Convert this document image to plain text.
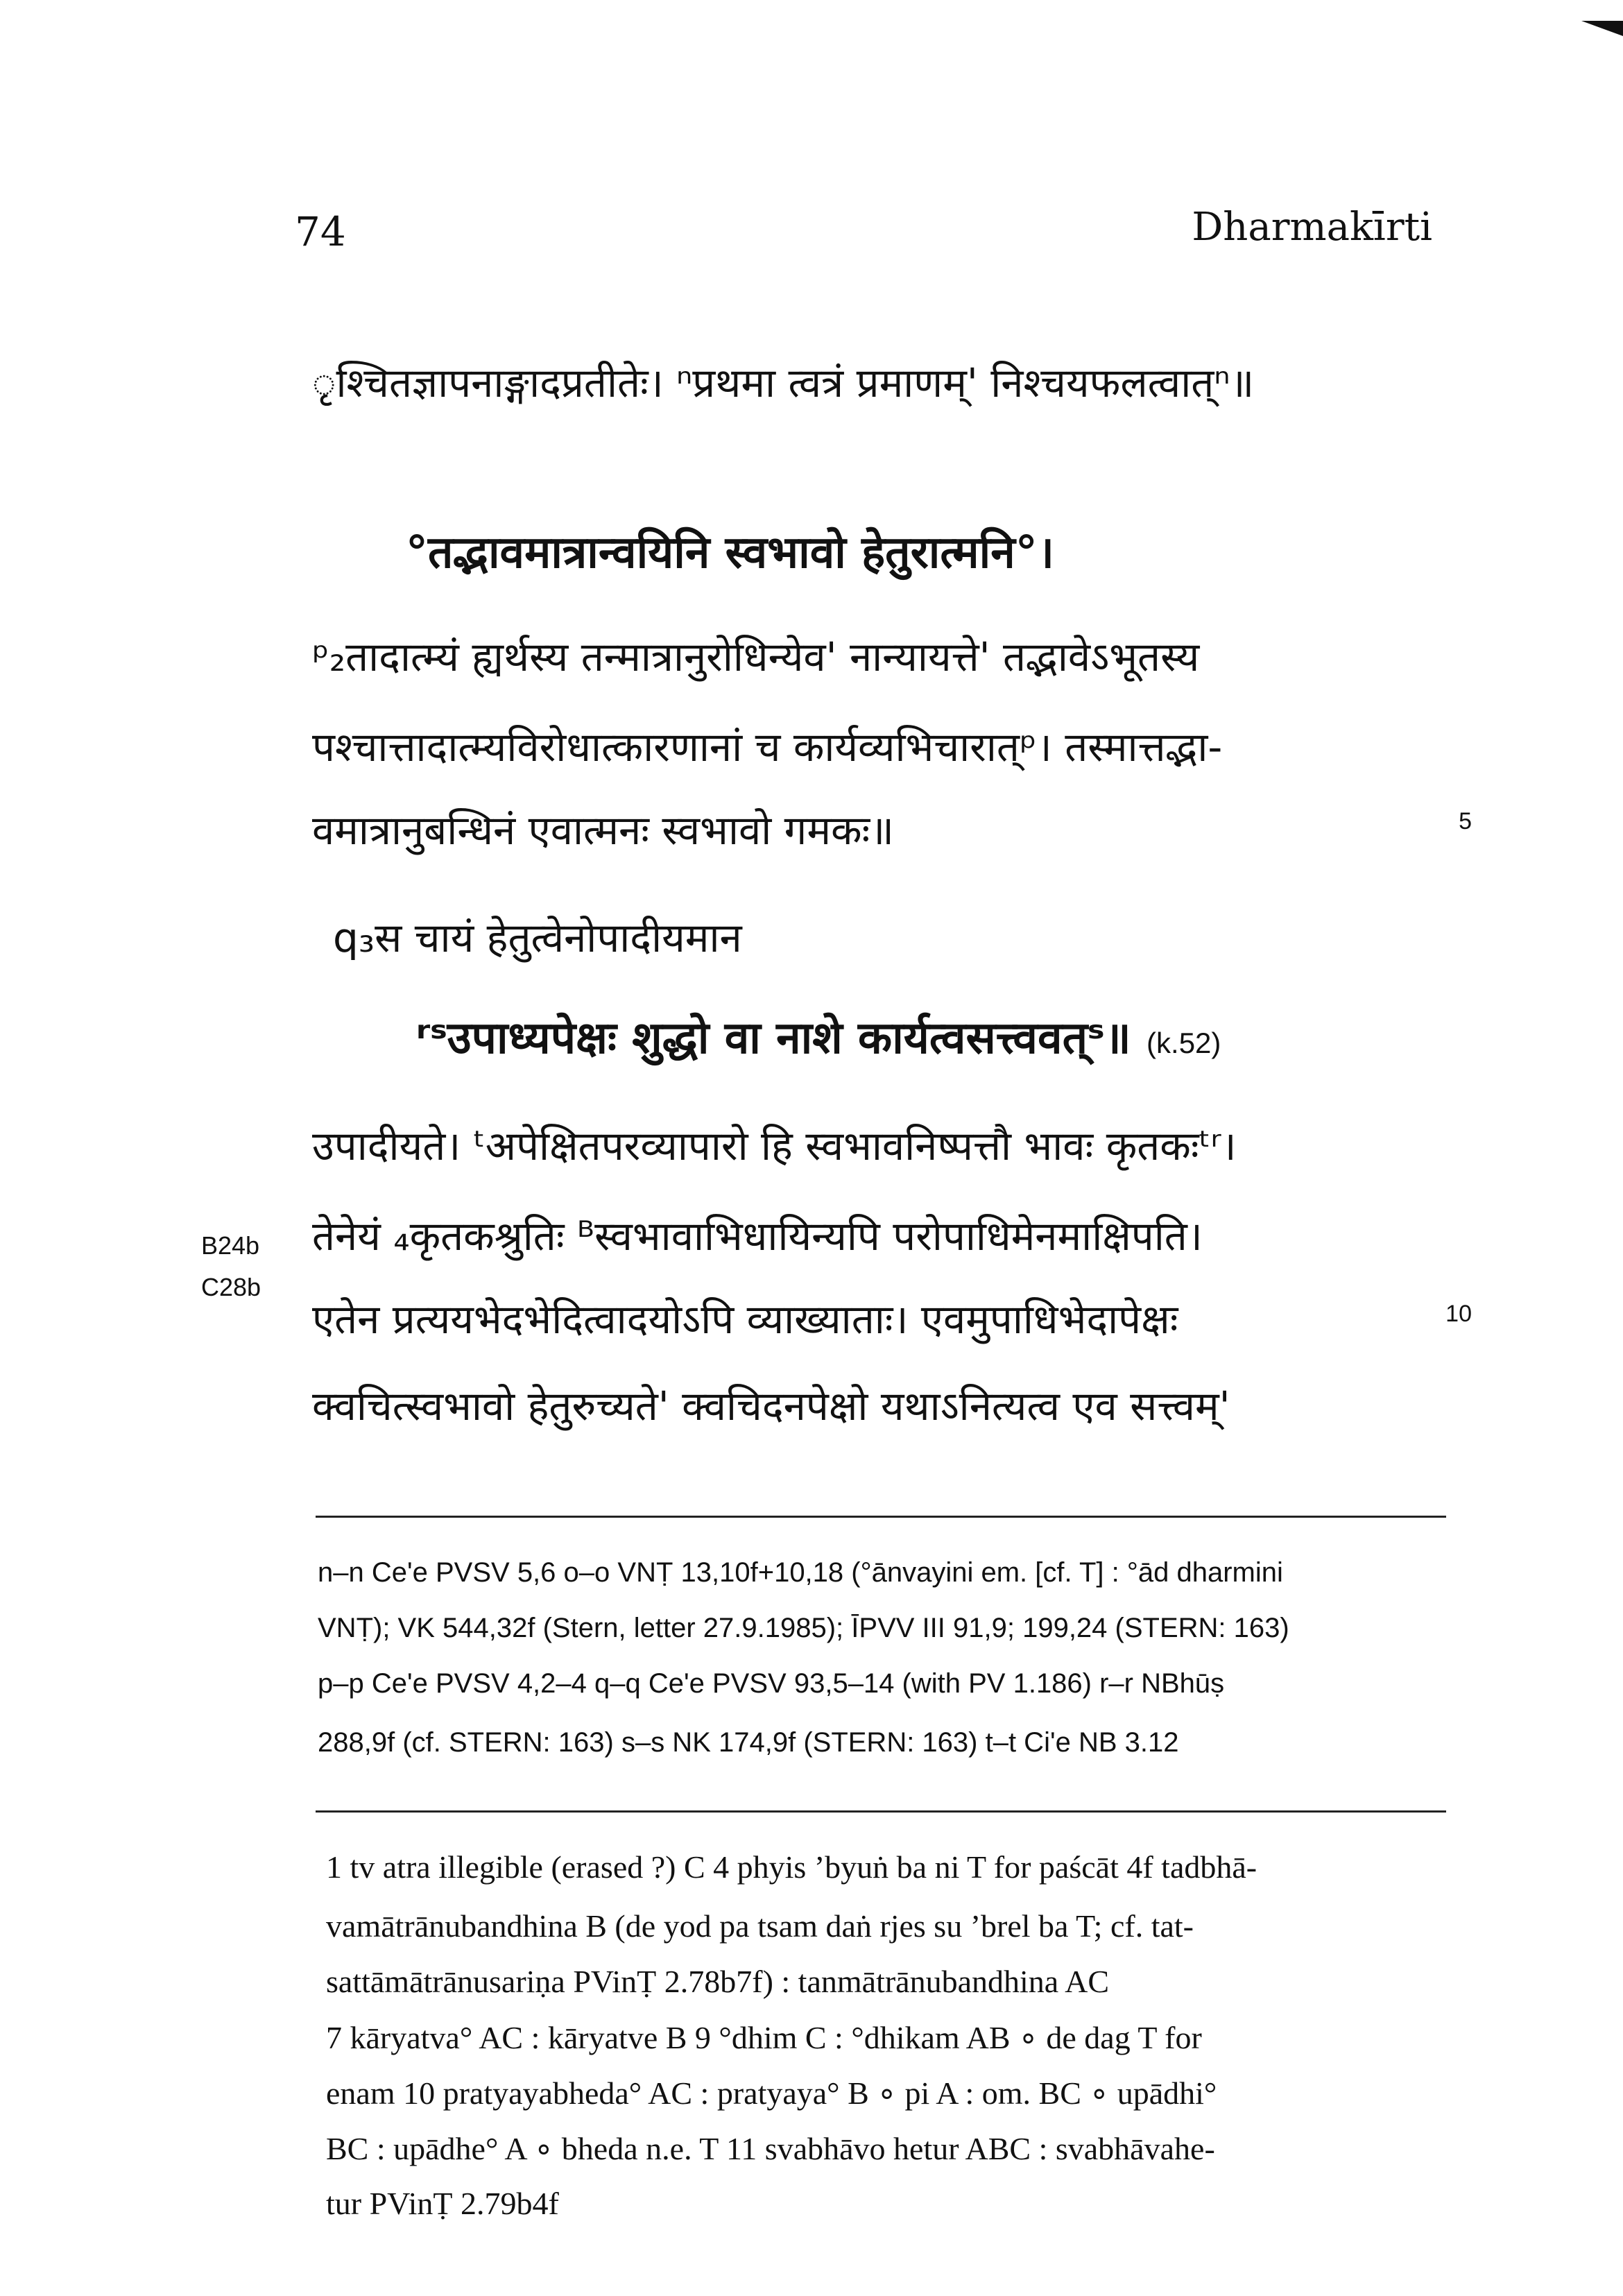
74	Dharmakīrti
ृश्चितज्ञापनाङ्गादप्रतीतेः। ⁿप्रथमा त्वत्रं प्रमाणम्' निश्चयफलत्वात्ⁿ॥
°तद्भावमात्रान्वयिनि स्वभावो हेतुरात्मनि°।
ᵖ₂तादात्म्यं ह्यर्थस्य तन्मात्रानुरोधिन्येव' नान्यायत्ते' तद्भावेऽभूतस्य
पश्चात्तादात्म्यविरोधात्कारणानां च कार्यव्यभिचारात्ᵖ। तस्मात्तद्भा-
वमात्रानुबन्धिनं एवात्मनः स्वभावो गमकः॥
q₃स चायं हेतुत्वेनोपादीयमान
ʳˢउपाध्यपेक्षः शुद्धो वा नाशे कार्यत्वसत्त्ववत्ˢ॥ (k.52)
उपादीयते। ᵗअपेक्षितपरव्यापारो हि स्वभावनिष्पत्तौ भावः कृतकःᵗʳ।
तेनेयं ₄कृतकश्रुतिः ᴮस्वभावाभिधायिन्यपि परोपाधिमेनमाक्षिपति।
एतेन प्रत्ययभेदभेदित्वादयोऽपि व्याख्याताः। एवमुपाधिभेदापेक्षः
क्वचित्स्वभावो हेतुरुच्यते' क्वचिदनपेक्षो यथाऽनित्यत्व एव सत्त्वम्'
B24b
C28b
5
10
n–n Ce'e PVSV 5,6 o–o VNṬ 13,10f+10,18 (°ānvayini em. [cf. T] : °ād dharmini
VNṬ); VK 544,32f (Stern, letter 27.9.1985); ĪPVV III 91,9; 199,24 (STERN: 163)
p–p Ce'e PVSV 4,2–4 q–q Ce'e PVSV 93,5–14 (with PV 1.186) r–r NBhūṣ
288,9f (cf. STERN: 163) s–s NK 174,9f (STERN: 163) t–t Ci'e NB 3.12
1 tv atra illegible (erased ?) C 4 phyis ’byuṅ ba ni T for paścāt 4f tadbhā-
vamātrānubandhina B (de yod pa tsam daṅ rjes su ’brel ba T; cf. tat-
sattāmātrānusariṇa PVinṬ 2.78b7f) : tanmātrānubandhina AC
7 kāryatva° AC : kāryatve B 9 °dhim C : °dhikam AB ∘ de dag T for
enam 10 pratyayabheda° AC : pratyaya° B ∘ pi A : om. BC ∘ upādhi°
BC : upādhe° A ∘ bheda n.e. T 11 svabhāvo hetur ABC : svabhāvahe-
tur PVinṬ 2.79b4f
